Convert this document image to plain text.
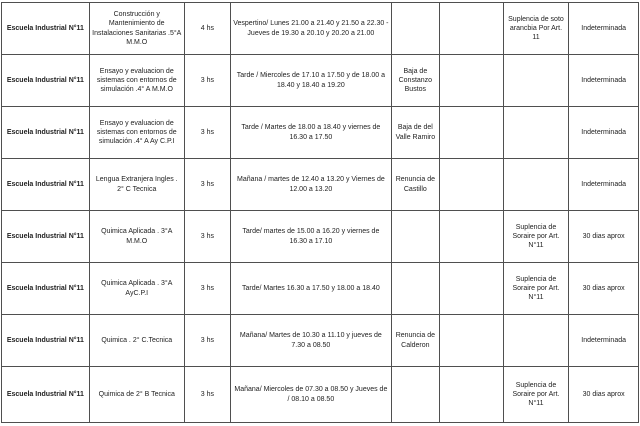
Escuela Industrial N°11	Construcción y Mantenimiento de Instalaciones Sanitarias .5°A M.M.O	4 hs	Vespertino/ Lunes 21.00 a 21.40 y 21.50 a 22.30 -Jueves de 19.30 a 20.10 y 20.20 a 21.00			Suplencia de soto arancbia Por Art. 11	Indeterminada
Escuela Industrial N°11	Ensayo y evaluacion de sistemas con entornos de simulación .4° A M.M.O	3 hs	Tarde / Miercoles de 17.10 a 17.50 y de 18.00 a 18.40 y 18.40 a 19.20	Baja de Constanzo Bustos			Indeterminada
Escuela Industrial N°11	Ensayo y evaluacion de sistemas con entornos de simulación .4° A Ay C.P.I	3 hs	Tarde / Martes de 18.00 a 18.40 y viernes de 16.30 a 17.50	Baja de del Valle Ramiro			Indeterminada
Escuela Industrial N°11	Lengua Extranjera Ingles . 2° C Tecnica	3 hs	Mañana / martes de 12.40 a 13.20 y Viernes de 12.00 a 13.20	Renuncia de Castillo			Indeterminada
Escuela Industrial N°11	Quimica Aplicada . 3°A M.M.O	3 hs	Tarde/ martes de 15.00 a 16.20 y viernes de 16.30 a 17.10			Suplencia de Soraire por Art. N°11	30 dias aprox
Escuela Industrial N°11	Quimica Aplicada . 3°A AyC.P.I	3 hs	Tarde/ Martes 16.30 a 17.50 y 18.00 a 18.40			Suplencia de Soraire por Art. N°11	30 dias aprox
Escuela Industrial N°11	Quimica . 2° C.Tecnica	3 hs	Mañana/ Martes de 10.30 a 11.10 y jueves de 7.30 a 08.50	Renuncia de Calderon			Indeterminada
Escuela Industrial N°11	Quimica de 2° B Tecnica	3 hs	Mañana/ Miercoles de 07.30 a 08.50 y Jueves de / 08.10 a 08.50			Suplencia de Soraire por Art. N°11	30 dias aprox
